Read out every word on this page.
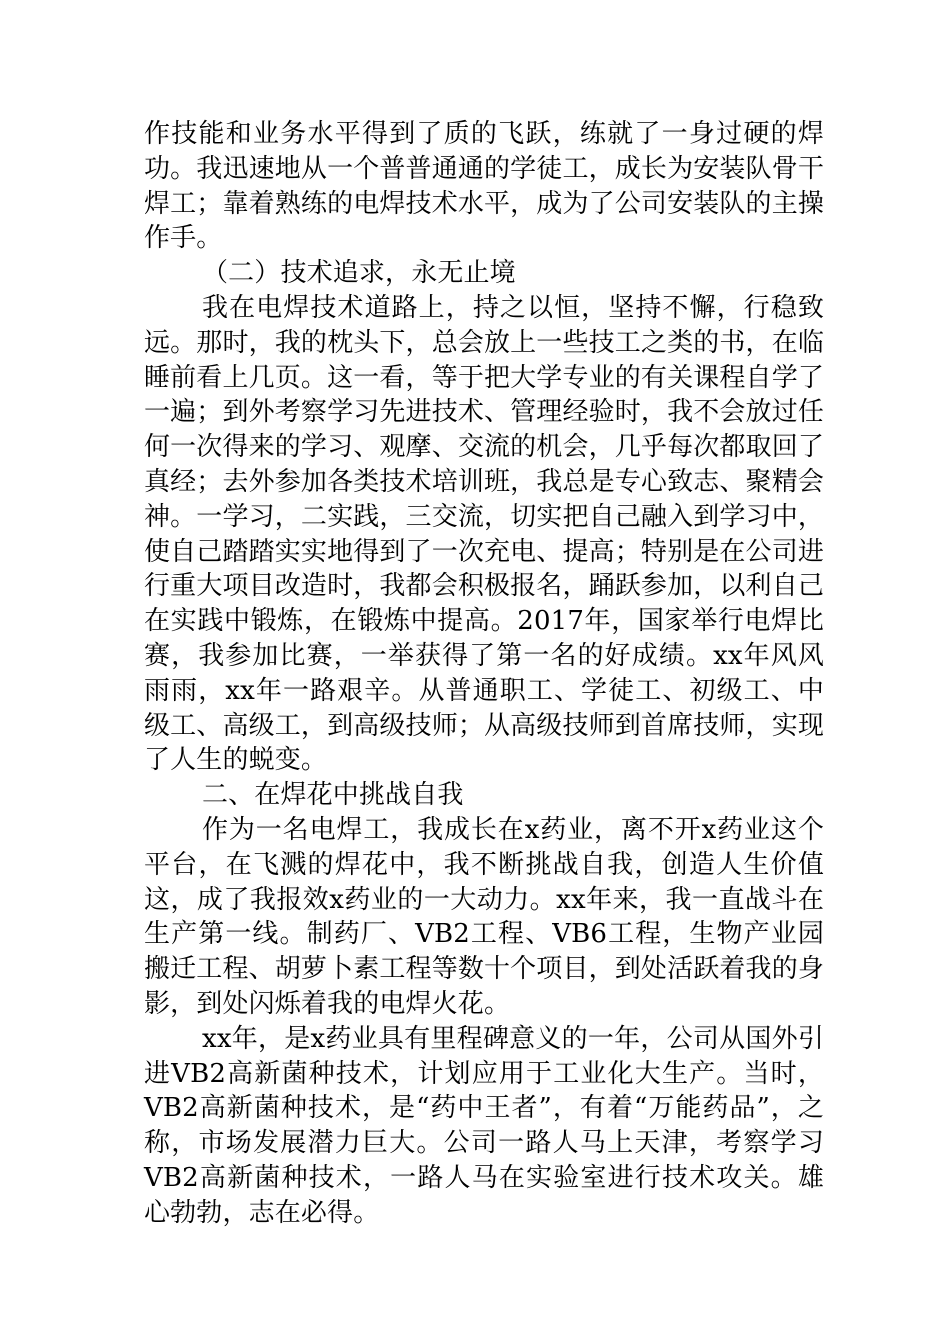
作技能和业务水平得到了质的飞跃，练就了一身过硬的焊功。我迅速地从一个普普通通的学徒工，成长为安装队骨干焊工；靠着熟练的电焊技术水平，成为了公司安装队的主操作手。

（二）技术追求，永无止境

我在电焊技术道路上，持之以恒，坚持不懈，行稳致远。那时，我的枕头下，总会放上一些技工之类的书，在临睡前看上几页。这一看，等于把大学专业的有关课程自学了一遍；到外考察学习先进技术、管理经验时，我不会放过任何一次得来的学习、观摩、交流的机会，几乎每次都取回了真经；去外参加各类技术培训班，我总是专心致志、聚精会神。一学习，二实践，三交流，切实把自己融入到学习中，使自己踏踏实实地得到了一次充电、提高；特别是在公司进行重大项目改造时，我都会积极报名，踊跃参加，以利自己在实践中锻炼，在锻炼中提高。2017年，国家举行电焊比赛，我参加比赛，一举获得了第一名的好成绩。xx年风风雨雨，xx年一路艰辛。从普通职工、学徒工、初级工、中级工、高级工，到高级技师；从高级技师到首席技师，实现了人生的蜕变。

二、在焊花中挑战自我

作为一名电焊工，我成长在x药业，离不开x药业这个平台，在飞溅的焊花中，我不断挑战自我，创造人生价值这，成了我报效x药业的一大动力。xx年来，我一直战斗在生产第一线。制药厂、VB2工程、VB6工程，生物产业园搬迁工程、胡萝卜素工程等数十个项目，到处活跃着我的身影，到处闪烁着我的电焊火花。

xx年，是x药业具有里程碑意义的一年，公司从国外引进VB2高新菌种技术，计划应用于工业化大生产。当时，VB2高新菌种技术，是“药中王者”，有着“万能药品”，之称，市场发展潜力巨大。公司一路人马上天津，考察学习VB2高新菌种技术，一路人马在实验室进行技术攻关。雄心勃勃，志在必得。
